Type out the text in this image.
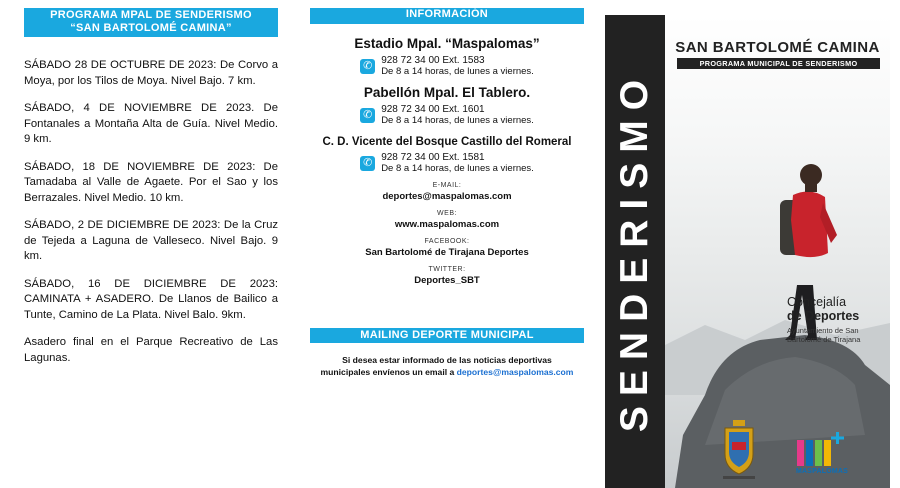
PROGRAMA MPAL DE SENDERISMO
“SAN BARTOLOMÉ CAMINA”

SÁBADO 28 DE OCTUBRE DE 2023: De Corvo a Moya, por los Tilos de Moya. Nivel Bajo. 7 km.

SÁBADO, 4 DE NOVIEMBRE DE 2023. De Fontanales a Montaña Alta de Guía. Nivel Medio. 9 km.

SÁBADO, 18 DE NOVIEMBRE DE 2023: De Tamadaba al Valle de Agaete. Por el Sao y los Berrazales. Nivel Medio. 10 km.

SÁBADO, 2 DE DICIEMBRE DE 2023: De la Cruz de Tejeda a Laguna de Valleseco. Nivel Bajo. 9 km.

SÁBADO, 16 DE DICIEMBRE DE 2023: CAMINATA + ASADERO. De Llanos de Bailico a Tunte, Camino de La Plata. Nivel Balo. 9km.

Asadero final en el Parque Recreativo de Las Lagunas.

INFORMACIÓN
Estadio Mpal. “Maspalomas”
✆ 928 72 34 00 Ext. 1583
De 8 a 14 horas, de lunes a viernes.
Pabellón Mpal. El Tablero.
✆ 928 72 34 00 Ext. 1601
De 8 a 14 horas, de lunes a viernes.
C. D. Vicente del Bosque Castillo del Romeral
✆ 928 72 34 00 Ext. 1581
De 8 a 14 horas, de lunes a viernes.
E-MAIL:
deportes@maspalomas.com
WEB:
www.maspalomas.com
FACEBOOK:
San Bartolomé de Tirajana Deportes
TWITTER:
Deportes_SBT
MAILING DEPORTE MUNICIPAL
Si desea estar informado de las noticias deportivas
municipales envíenos un email a deportes@maspalomas.com SENDERISMO
SAN BARTOLOMÉ CAMINA
PROGRAMA MUNICIPAL DE SENDERISMO
Concejalía
de Deportes
Ayuntamiento de San Bartolomé de Tirajana
MASPALOMAS
